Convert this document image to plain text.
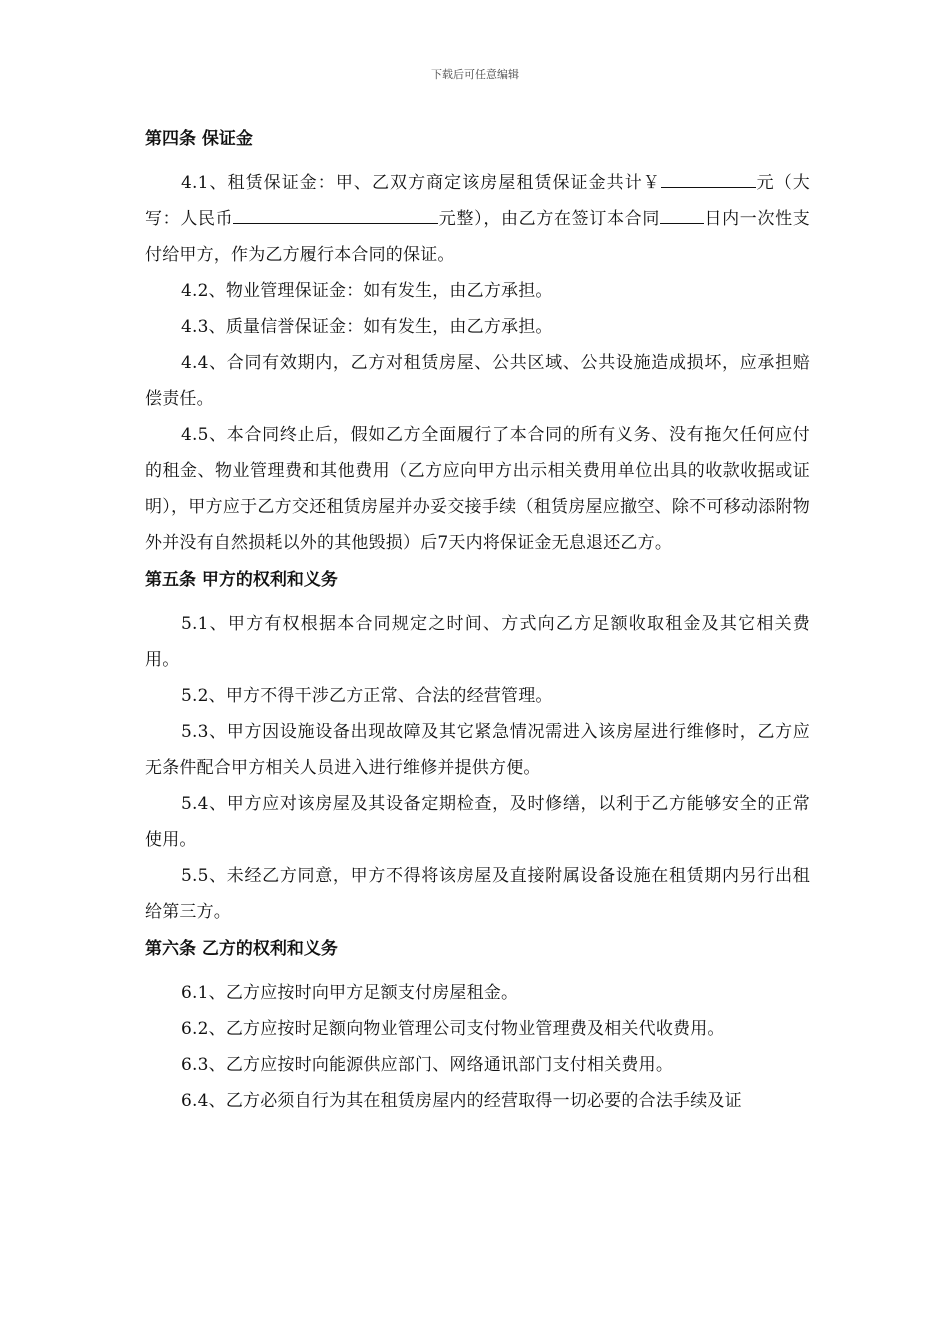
下载后可任意编辑
第四条 保证金

4.1、租赁保证金：甲、乙双方商定该房屋租赁保证金共计￥	元（大写：人民币	元整），由乙方在签订本合同	日内一次性支付给甲方，作为乙方履行本合同的保证。

4.2、物业管理保证金：如有发生，由乙方承担。

4.3、质量信誉保证金：如有发生，由乙方承担。

4.4、合同有效期内，乙方对租赁房屋、公共区域、公共设施造成损坏，应承担赔偿责任。

4.5、本合同终止后，假如乙方全面履行了本合同的所有义务、没有拖欠任何应付的租金、物业管理费和其他费用（乙方应向甲方出示相关费用单位出具的收款收据或证明），甲方应于乙方交还租赁房屋并办妥交接手续（租赁房屋应撤空、除不可移动添附物外并没有自然损耗以外的其他毁损）后7天内将保证金无息退还乙方。

第五条 甲方的权利和义务

5.1、甲方有权根据本合同规定之时间、方式向乙方足额收取租金及其它相关费用。

5.2、甲方不得干涉乙方正常、合法的经营管理。

5.3、甲方因设施设备出现故障及其它紧急情况需进入该房屋进行维修时，乙方应无条件配合甲方相关人员进入进行维修并提供方便。

5.4、甲方应对该房屋及其设备定期检查，及时修缮，以利于乙方能够安全的正常使用。

5.5、未经乙方同意，甲方不得将该房屋及直接附属设备设施在租赁期内另行出租给第三方。

第六条 乙方的权利和义务

6.1、乙方应按时向甲方足额支付房屋租金。

6.2、乙方应按时足额向物业管理公司支付物业管理费及相关代收费用。

6.3、乙方应按时向能源供应部门、网络通讯部门支付相关费用。

6.4、乙方必须自行为其在租赁房屋内的经营取得一切必要的合法手续及证
